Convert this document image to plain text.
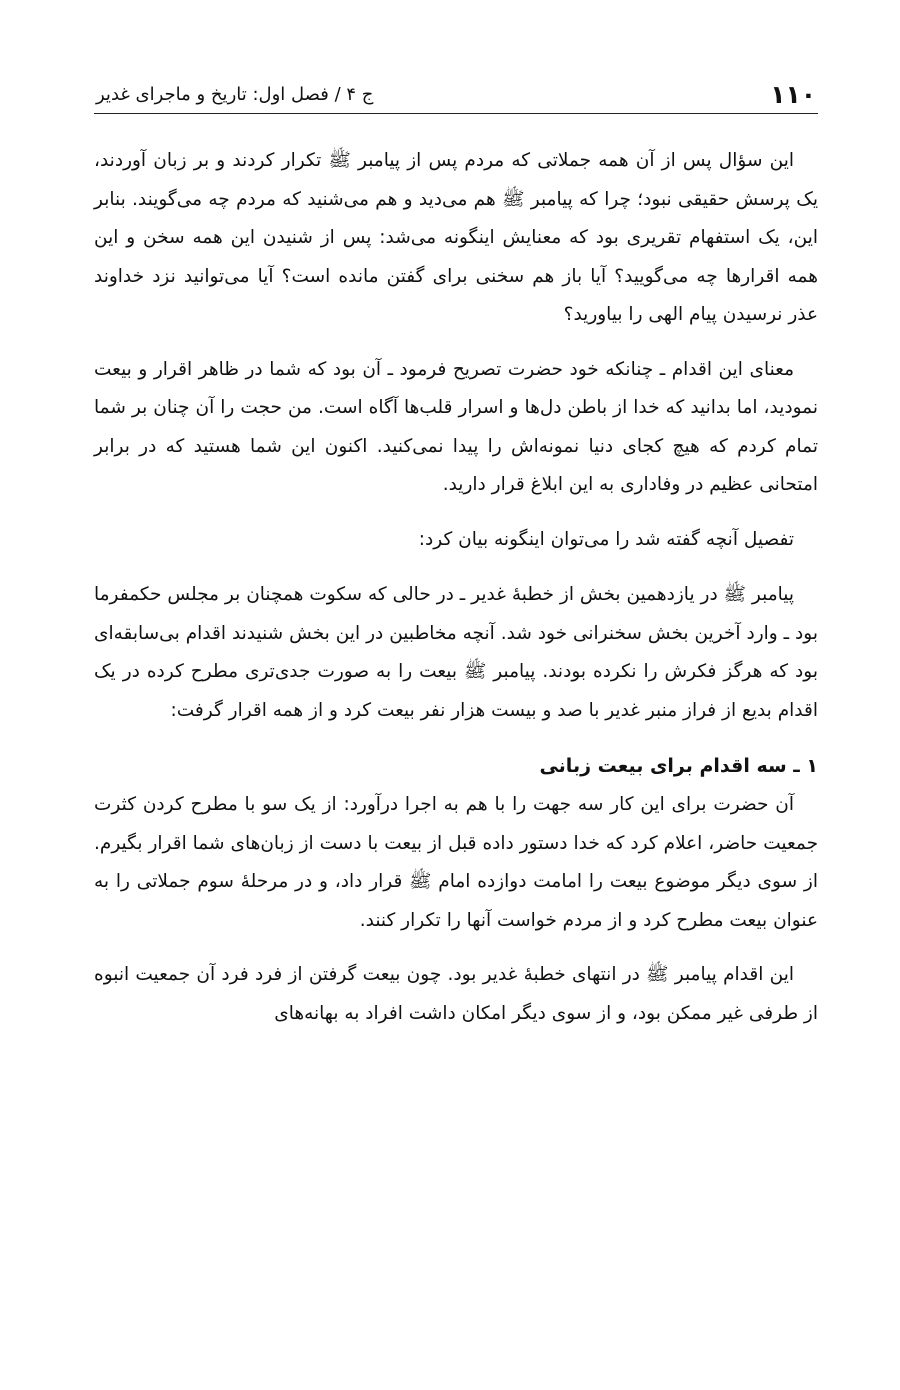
۱۱۰
ج ۴ / فصل اول: تاریخ و ماجرای غدیر

این سؤال پس از آن همه جملاتی که مردم پس از پیامبر ﷺ تکرار کردند و بر زبان آوردند، یک پرسش حقیقی نبود؛ چرا که پیامبر ﷺ هم می‌دید و هم می‌شنید که مردم چه می‌گویند. بنابر این، یک استفهام تقریری بود که معنایش اینگونه می‌شد: پس از شنیدن این همه سخن و این همه اقرارها چه می‌گویید؟ آیا باز هم سخنی برای گفتن مانده است؟ آیا می‌توانید نزد خداوند عذر نرسیدن پیام الهی را بیاورید؟

معنای این اقدام ـ چنانکه خود حضرت تصریح فرمود ـ آن بود که شما در ظاهر اقرار و بیعت نمودید، اما بدانید که خدا از باطن دل‌ها و اسرار قلب‌ها آگاه است. من حجت را آن چنان بر شما تمام کردم که هیچ کجای دنیا نمونه‌اش را پیدا نمی‌کنید. اکنون این شما هستید که در برابر امتحانی عظیم در وفاداری به این ابلاغ قرار دارید.

تفصیل آنچه گفته شد را می‌توان اینگونه بیان کرد:

پیامبر ﷺ در یازدهمین بخش از خطبهٔ غدیر ـ در حالی که سکوت همچنان بر مجلس حکمفرما بود ـ وارد آخرین بخش سخنرانی خود شد. آنچه مخاطبین در این بخش شنیدند اقدام بی‌سابقه‌ای بود که هرگز فکرش را نکرده بودند. پیامبر ﷺ بیعت را به صورت جدی‌تری مطرح کرده در یک اقدام بدیع از فراز منبر غدیر با صد و بیست هزار نفر بیعت کرد و از همه اقرار گرفت:

۱ ـ سه اقدام برای بیعت زبانی

آن حضرت برای این کار سه جهت را با هم به اجرا درآورد: از یک سو با مطرح کردن کثرت جمعیت حاضر، اعلام کرد که خدا دستور داده قبل از بیعت با دست از زبان‌های شما اقرار بگیرم. از سوی دیگر موضوع بیعت را امامت دوازده امام ﷺ قرار داد، و در مرحلهٔ سوم جملاتی را به عنوان بیعت مطرح کرد و از مردم خواست آنها را تکرار کنند.

این اقدام پیامبر ﷺ در انتهای خطبهٔ غدیر بود. چون بیعت گرفتن از فرد فرد آن جمعیت انبوه از طرفی غیر ممکن بود، و از سوی دیگر امکان داشت افراد به بهانه‌های
